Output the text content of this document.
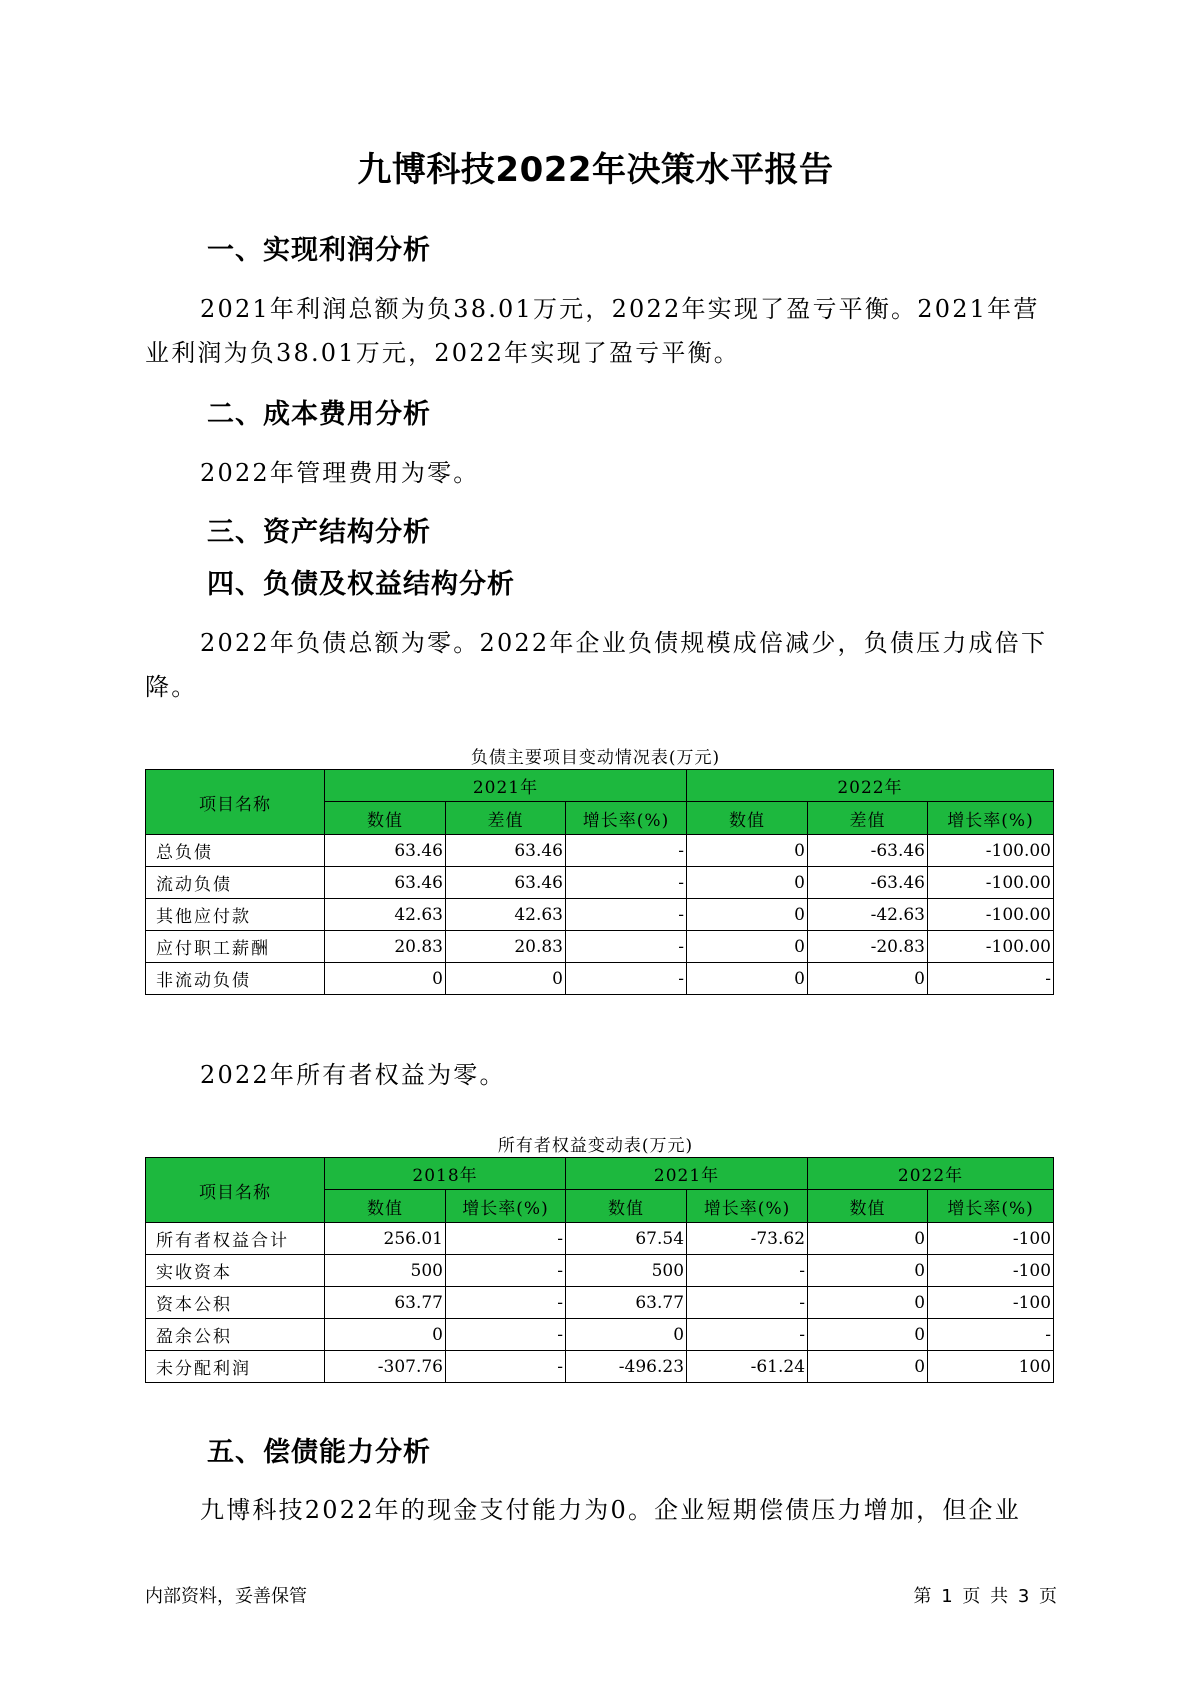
九博科技2022年决策水平报告
一、实现利润分析

2021年利润总额为负38.01万元，2022年实现了盈亏平衡。2021年营业利润为负38.01万元，2022年实现了盈亏平衡。

二、成本费用分析

2022年管理费用为零。

三、资产结构分析
四、负债及权益结构分析

2022年负债总额为零。2022年企业负债规模成倍减少，负债压力成倍下降。

负债主要项目变动情况表(万元)
项目名称	2021年			2022年		
	数值	差值	增长率(%)	数值	差值	增长率(%)
总负债	63.46	63.46	-	0	-63.46	-100.00
流动负债	63.46	63.46	-	0	-63.46	-100.00
其他应付款	42.63	42.63	-	0	-42.63	-100.00
应付职工薪酬	20.83	20.83	-	0	-20.83	-100.00
非流动负债	0	0	-	0	0	-

2022年所有者权益为零。

所有者权益变动表(万元)
项目名称	2018年		2021年		2022年	
	数值	增长率(%)	数值	增长率(%)	数值	增长率(%)
所有者权益合计	256.01	-	67.54	-73.62	0	-100
实收资本	500	-	500	-	0	-100
资本公积	63.77	-	63.77	-	0	-100
盈余公积	0	-	0	-	0	-
未分配利润	-307.76	-	-496.23	-61.24	0	100
五、偿债能力分析

九博科技2022年的现金支付能力为0。企业短期偿债压力增加，但企业

内部资料，妥善保管	第 1 页 共 3 页
